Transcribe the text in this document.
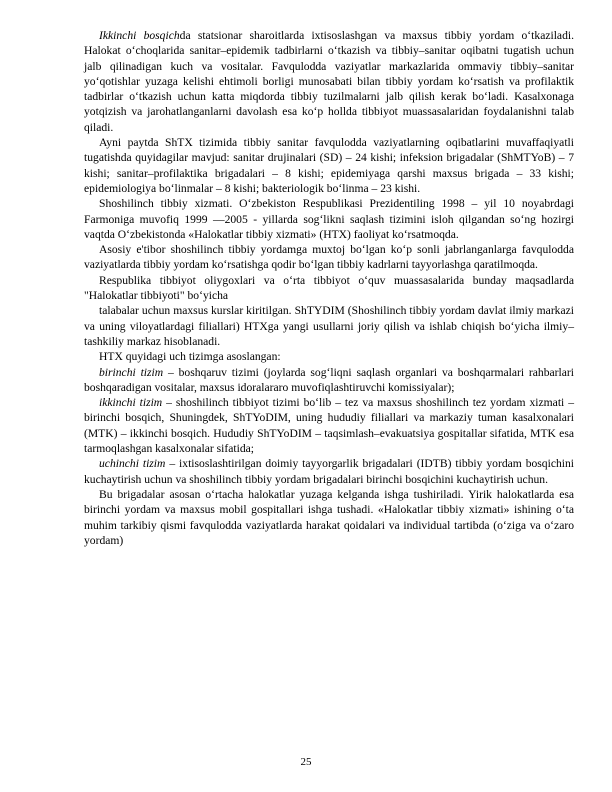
Ikkinchi bosqichda statsionar sharoitlarda ixtisoslashgan va maxsus tibbiy yordam o‘tkaziladi. Halokat o‘choqlarida sanitar–epidemik tadbirlarni o‘tkazish va tibbiy–sanitar oqibatni tugatish uchun jalb qilinadigan kuch va vositalar. Favqulodda vaziyatlar markazlarida ommaviy tibbiy–sanitar yo‘qotishlar yuzaga kelishi ehtimoli borligi munosabati bilan tibbiy yordam ko‘rsatish va profilaktik tadbirlar o‘tkazish uchun katta miqdorda tibbiy tuzilmalarni jalb qilish kerak bo‘ladi. Kasalxonaga yotqizish va jarohatlanganlarni davolash esa ko‘p hollda tibbiyot muassasalaridan foydalanishni talab qiladi.

Ayni paytda ShTX tizimida tibbiy sanitar favqulodda vaziyatlarning oqibatlarini muvaffaqiyatli tugatishda quyidagilar mavjud: sanitar drujinalari (SD) – 24 kishi; infeksion brigadalar (ShMTYoB) – 7 kishi; sanitar–profilaktika brigadalari – 8 kishi; epidemiyaga qarshi maxsus brigada – 33 kishi; epidemiologiya bo‘linmalar – 8 kishi; bakteriologik bo‘linma – 23 kishi.

Shoshilinch tibbiy xizmati. O‘zbekiston Respublikasi Prezidentiling 1998 – yil 10 noyabrdagi Farmoniga muvofiq 1999 —2005 - yillarda sog‘likni saqlash tizimini isloh qilgandan so‘ng hozirgi vaqtda O‘zbekistonda «Halokatlar tibbiy xizmati» (HTX) faoliyat ko‘rsatmoqda.

Asosiy e'tibor shoshilinch tibbiy yordamga muxtoj bo‘lgan ko‘p sonli jabrlanganlarga favqulodda vaziyatlarda tibbiy yordam ko‘rsatishga qodir bo‘lgan tibbiy kadrlarni tayyorlashga qaratilmoqda.

Respublika tibbiyot oliygoxlari va o‘rta tibbiyot o‘quv muassasalarida bunday maqsadlarda "Halokatlar tibbiyoti" bo‘yicha

talabalar uchun maxsus kurslar kiritilgan. ShTYDIM (Shoshilinch tibbiy yordam davlat ilmiy markazi va uning viloyatlardagi filiallari) HTXga yangi usullarni joriy qilish va ishlab chiqish bo‘yicha ilmiy–tashkiliy markaz hisoblanadi.

HTX quyidagi uch tizimga asoslangan:

birinchi tizim – boshqaruv tizimi (joylarda sog‘liqni saqlash organlari va boshqarmalari rahbarlari boshqaradigan vositalar, maxsus idoralararo muvofiqlashtiruvchi komissiyalar);

ikkinchi tizim – shoshilinch tibbiyot tizimi bo‘lib – tez va maxsus shoshilinch tez yordam xizmati – birinchi bosqich, Shuningdek, ShTYoDIM, uning hududiy filiallari va markaziy tuman kasalxonalari (MTK) – ikkinchi bosqich. Hududiy ShTYoDIM – taqsimlash–evakuatsiya gospitallar sifatida, MTK esa tarmoqlashgan kasalxonalar sifatida;

uchinchi tizim – ixtisoslashtirilgan doimiy tayyorgarlik brigadalari (IDTB) tibbiy yordam bosqichini kuchaytirish uchun va shoshilinch tibbiy yordam brigadalari birinchi bosqichini kuchaytirish uchun.

Bu brigadalar asosan o‘rtacha halokatlar yuzaga kelganda ishga tushiriladi. Yirik halokatlarda esa birinchi yordam va maxsus mobil gospitallari ishga tushadi. «Halokatlar tibbiy xizmati» ishining o‘ta muhim tarkibiy qismi favqulodda vaziyatlarda harakat qoidalari va individual tartibda (o‘ziga va o‘zaro yordam)

25
